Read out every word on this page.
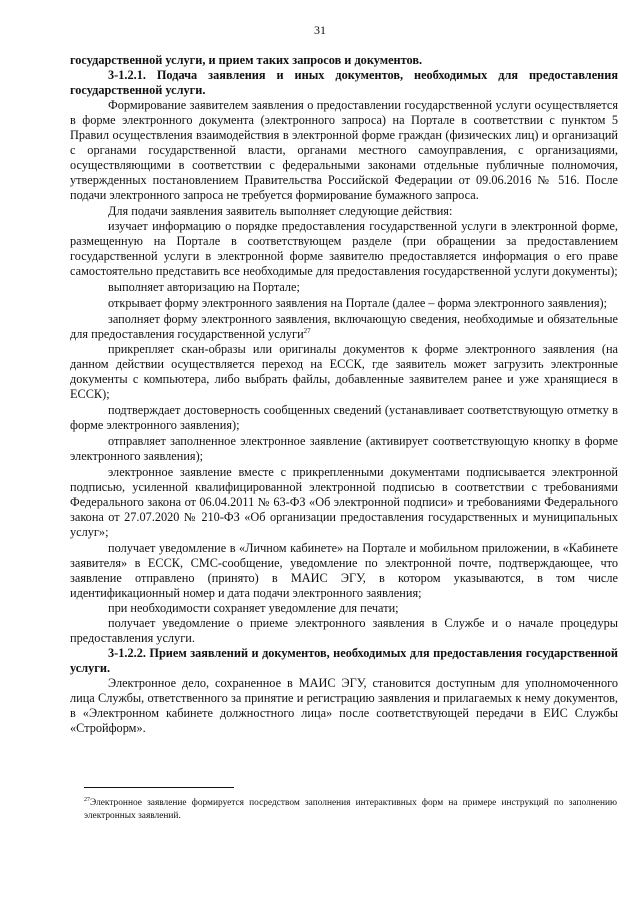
31

государственной услуги, и прием таких запросов и документов.

3-1.2.1. Подача заявления и иных документов, необходимых для предоставления государственной услуги.

Формирование заявителем заявления о предоставлении государственной услуги осуществляется в форме электронного документа (электронного запроса) на Портале в соответствии с пунктом 5 Правил осуществления взаимодействия в электронной форме граждан (физических лиц) и организаций с органами государственной власти, органами местного самоуправления, с организациями, осуществляющими в соответствии с федеральными законами отдельные публичные полномочия, утвержденных постановлением Правительства Российской Федерации от 09.06.2016 № 516. После подачи электронного запроса не требуется формирование бумажного запроса.

Для подачи заявления заявитель выполняет следующие действия:

изучает информацию о порядке предоставления государственной услуги в электронной форме, размещенную на Портале в соответствующем разделе (при обращении за предоставлением государственной услуги в электронной форме заявителю предоставляется информация о его праве самостоятельно представить все необходимые для предоставления государственной услуги документы);

выполняет авторизацию на Портале;

открывает форму электронного заявления на Портале (далее – форма электронного заявления);

заполняет форму электронного заявления, включающую сведения, необходимые и обязательные для предоставления государственной услуги$^{27}$

прикрепляет скан-образы или оригиналы документов к форме электронного заявления (на данном действии осуществляется переход на ЕССК, где заявитель может загрузить электронные документы с компьютера, либо выбрать файлы, добавленные заявителем ранее и уже хранящиеся в ЕССК);

подтверждает достоверность сообщенных сведений (устанавливает соответствующую отметку в форме электронного заявления);

отправляет заполненное электронное заявление (активирует соответствующую кнопку в форме электронного заявления);

электронное заявление вместе с прикрепленными документами подписывается электронной подписью, усиленной квалифицированной электронной подписью в соответствии с требованиями Федерального закона от 06.04.2011 № 63-ФЗ «Об электронной подписи» и требованиями Федерального закона от 27.07.2020 № 210-ФЗ «Об организации предоставления государственных и муниципальных услуг»;

получает уведомление в «Личном кабинете» на Портале и мобильном приложении, в «Кабинете заявителя» в ЕССК, СМС-сообщение, уведомление по электронной почте, подтверждающее, что заявление отправлено (принято) в МАИС ЭГУ, в котором указываются, в том числе идентификационный номер и дата подачи электронного заявления;

при необходимости сохраняет уведомление для печати;

получает уведомление о приеме электронного заявления в Службе и о начале процедуры предоставления услуги.

3-1.2.2. Прием заявлений и документов, необходимых для предоставления государственной услуги.

Электронное дело, сохраненное в МАИС ЭГУ, становится доступным для уполномоченного лица Службы, ответственного за принятие и регистрацию заявления и прилагаемых к нему документов, в «Электронном кабинете должностного лица» после соответствующей передачи в ЕИС Службы «Стройформ».

$^{27}$Электронное заявление формируется посредством заполнения интерактивных форм на примере инструкций по заполнению электронных заявлений.
